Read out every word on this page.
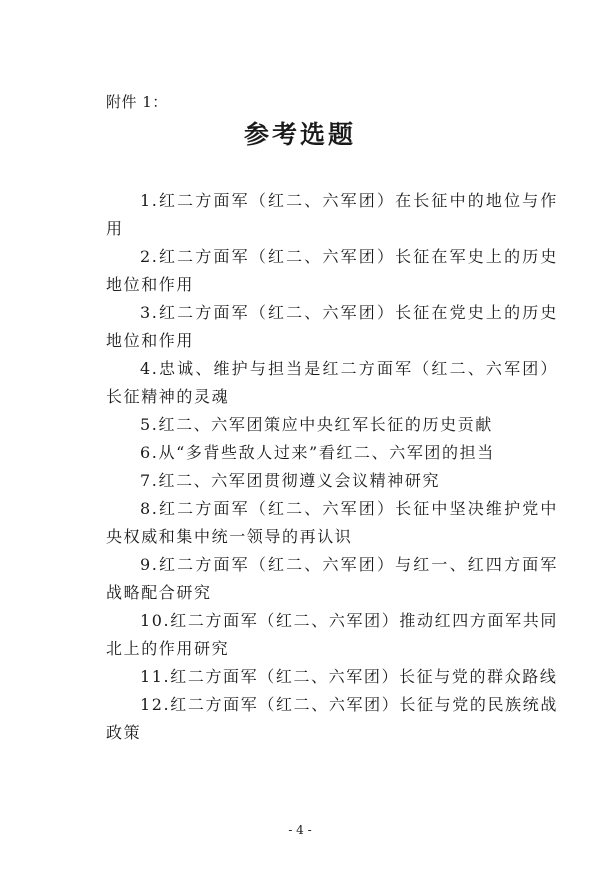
附件 1：
参考选题
1.红二方面军（红二、六军团）在长征中的地位与作用
2.红二方面军（红二、六军团）长征在军史上的历史地位和作用
3.红二方面军（红二、六军团）长征在党史上的历史地位和作用
4.忠诚、维护与担当是红二方面军（红二、六军团）长征精神的灵魂
5.红二、六军团策应中央红军长征的历史贡献
6.从“多背些敌人过来”看红二、六军团的担当
7.红二、六军团贯彻遵义会议精神研究
8.红二方面军（红二、六军团）长征中坚决维护党中央权威和集中统一领导的再认识
9.红二方面军（红二、六军团）与红一、红四方面军战略配合研究
10.红二方面军（红二、六军团）推动红四方面军共同北上的作用研究
11.红二方面军（红二、六军团）长征与党的群众路线
12.红二方面军（红二、六军团）长征与党的民族统战政策
- 4 -
